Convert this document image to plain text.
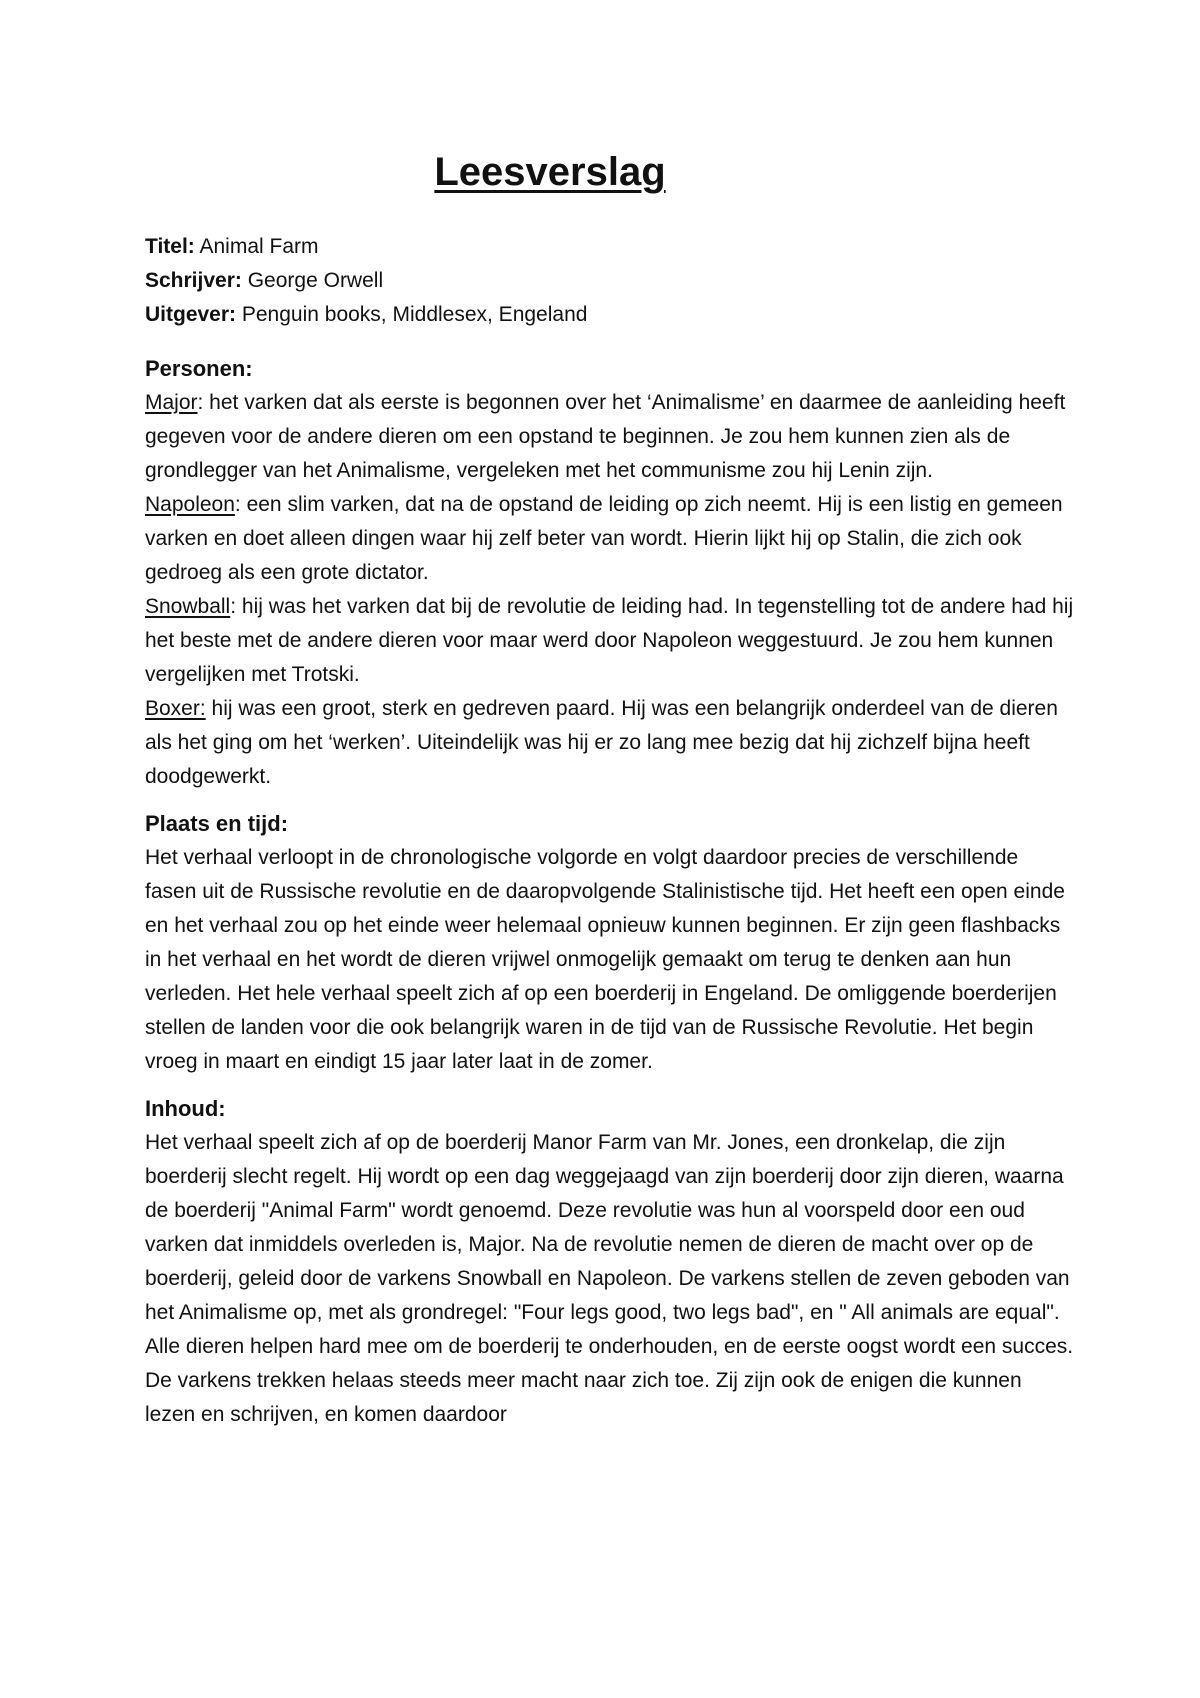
Leesverslag

Titel: Animal Farm

Schrijver: George Orwell

Uitgever: Penguin books, Middlesex, Engeland

Personen:

Major: het varken dat als eerste is begonnen over het ‘Animalisme’ en daarmee de aanleiding heeft gegeven voor de andere dieren om een opstand te beginnen. Je zou hem kunnen zien als de grondlegger van het Animalisme, vergeleken met het communisme zou hij Lenin zijn.

Napoleon: een slim varken, dat na de opstand de leiding op zich neemt. Hij is een listig en gemeen varken en doet alleen dingen waar hij zelf beter van wordt. Hierin lijkt hij op Stalin, die zich ook gedroeg als een grote dictator.

Snowball: hij was het varken dat bij de revolutie de leiding had. In tegenstelling tot de andere had hij het beste met de andere dieren voor maar werd door Napoleon weggestuurd. Je zou hem kunnen vergelijken met Trotski.

Boxer: hij was een groot, sterk en gedreven paard. Hij was een belangrijk onderdeel van de dieren als het ging om het ‘werken’. Uiteindelijk was hij er zo lang mee bezig dat hij zichzelf bijna heeft doodgewerkt.

Plaats en tijd:

Het verhaal verloopt in de chronologische volgorde en volgt daardoor precies de verschillende fasen uit de Russische revolutie en de daaropvolgende Stalinistische tijd. Het heeft een open einde en het verhaal zou op het einde weer helemaal opnieuw kunnen beginnen. Er zijn geen flashbacks in het verhaal en het wordt de dieren vrijwel onmogelijk gemaakt om terug te denken aan hun verleden. Het hele verhaal speelt zich af op een boerderij in Engeland. De omliggende boerderijen stellen de landen voor die ook belangrijk waren in de tijd van de Russische Revolutie. Het begin vroeg in maart en eindigt 15 jaar later laat in de zomer.

Inhoud:

Het verhaal speelt zich af op de boerderij Manor Farm van Mr. Jones, een dronkelap, die zijn boerderij slecht regelt. Hij wordt op een dag weggejaagd van zijn boerderij door zijn dieren, waarna de boerderij "Animal Farm" wordt genoemd. Deze revolutie was hun al voorspeld door een oud varken dat inmiddels overleden is, Major. Na de revolutie nemen de dieren de macht over op de boerderij, geleid door de varkens Snowball en Napoleon. De varkens stellen de zeven geboden van het Animalisme op, met als grondregel: "Four legs good, two legs bad", en " All animals are equal". Alle dieren helpen hard mee om de boerderij te onderhouden, en de eerste oogst wordt een succes. De varkens trekken helaas steeds meer macht naar zich toe. Zij zijn ook de enigen die kunnen lezen en schrijven, en komen daardoor
